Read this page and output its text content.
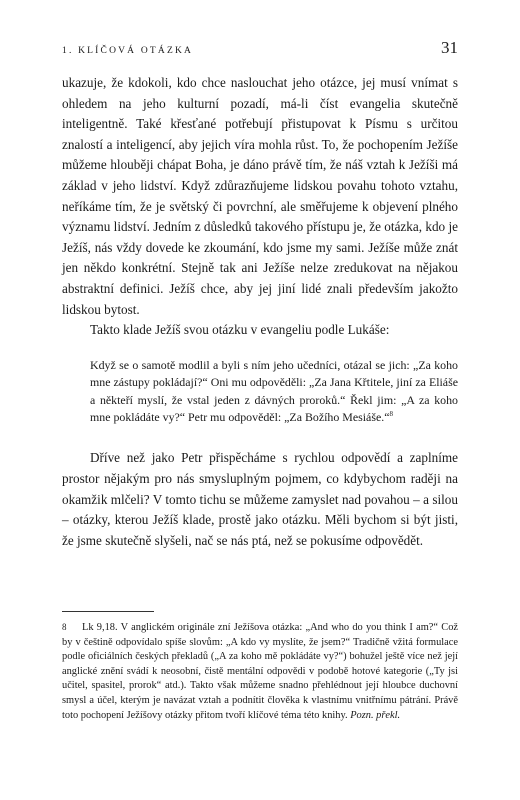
1. KLÍČOVÁ OTÁZKA	31

ukazuje, že kdokoli, kdo chce naslouchat jeho otázce, jej musí vnímat s ohledem na jeho kulturní pozadí, má-li číst evangelia skutečně inteligentně. Také křesťané potřebují přistupovat k Písmu s určitou znalostí a inteligencí, aby jejich víra mohla růst. To, že pochopením Ježíše můžeme hlouběji chápat Boha, je dáno právě tím, že náš vztah k Ježíši má základ v jeho lidství. Když zdůrazňujeme lidskou povahu tohoto vztahu, neříkáme tím, že je světský či povrchní, ale směřujeme k objevení plného významu lidství. Jedním z důsledků takového přístupu je, že otázka, kdo je Ježíš, nás vždy dovede ke zkoumání, kdo jsme my sami. Ježíše může znát jen někdo konkrétní. Stejně tak ani Ježíše nelze zredukovat na nějakou abstraktní definici. Ježíš chce, aby jej jiní lidé znali především jakožto lidskou bytost.

Takto klade Ježíš svou otázku v evangeliu podle Lukáše:

Když se o samotě modlil a byli s ním jeho učedníci, otázal se jich: „Za koho mne zástupy pokládají?“ Oni mu odpověděli: „Za Jana Křtitele, jiní za Eliáše a někteří myslí, že vstal jeden z dávných proroků.“ Řekl jim: „A za koho mne pokládáte vy?“ Petr mu odpověděl: „Za Božího Mesiáše.“$^8$

Dříve než jako Petr přispěcháme s rychlou odpovědí a zaplníme prostor nějakým pro nás smysluplným pojmem, co kdybychom raději na okamžik mlčeli? V tomto tichu se můžeme zamyslet nad povahou – a silou – otázky, kterou Ježíš klade, prostě jako otázku. Měli bychom si být jisti, že jsme skutečně slyšeli, nač se nás ptá, než se pokusíme odpovědět.

8 Lk 9,18. V anglickém originále zní Ježíšova otázka: „And who do you think I am?“ Což by v češtině odpovídalo spíše slovům: „A kdo vy myslíte, že jsem?“ Tradičně vžitá formulace podle oficiálních českých překladů („A za koho mě pokládáte vy?“) bohužel ještě více než její anglické znění svádí k neosobní, čistě mentální odpovědi v podobě hotové kategorie („Ty jsi učitel, spasitel, prorok“ atd.). Takto však můžeme snadno přehlédnout její hloubce duchovní smysl a účel, kterým je navázat vztah a podnítit člověka k vlastnímu vnitřnímu pátrání. Právě toto pochopení Ježíšovy otázky přitom tvoří klíčové téma této knihy. Pozn. překl.
